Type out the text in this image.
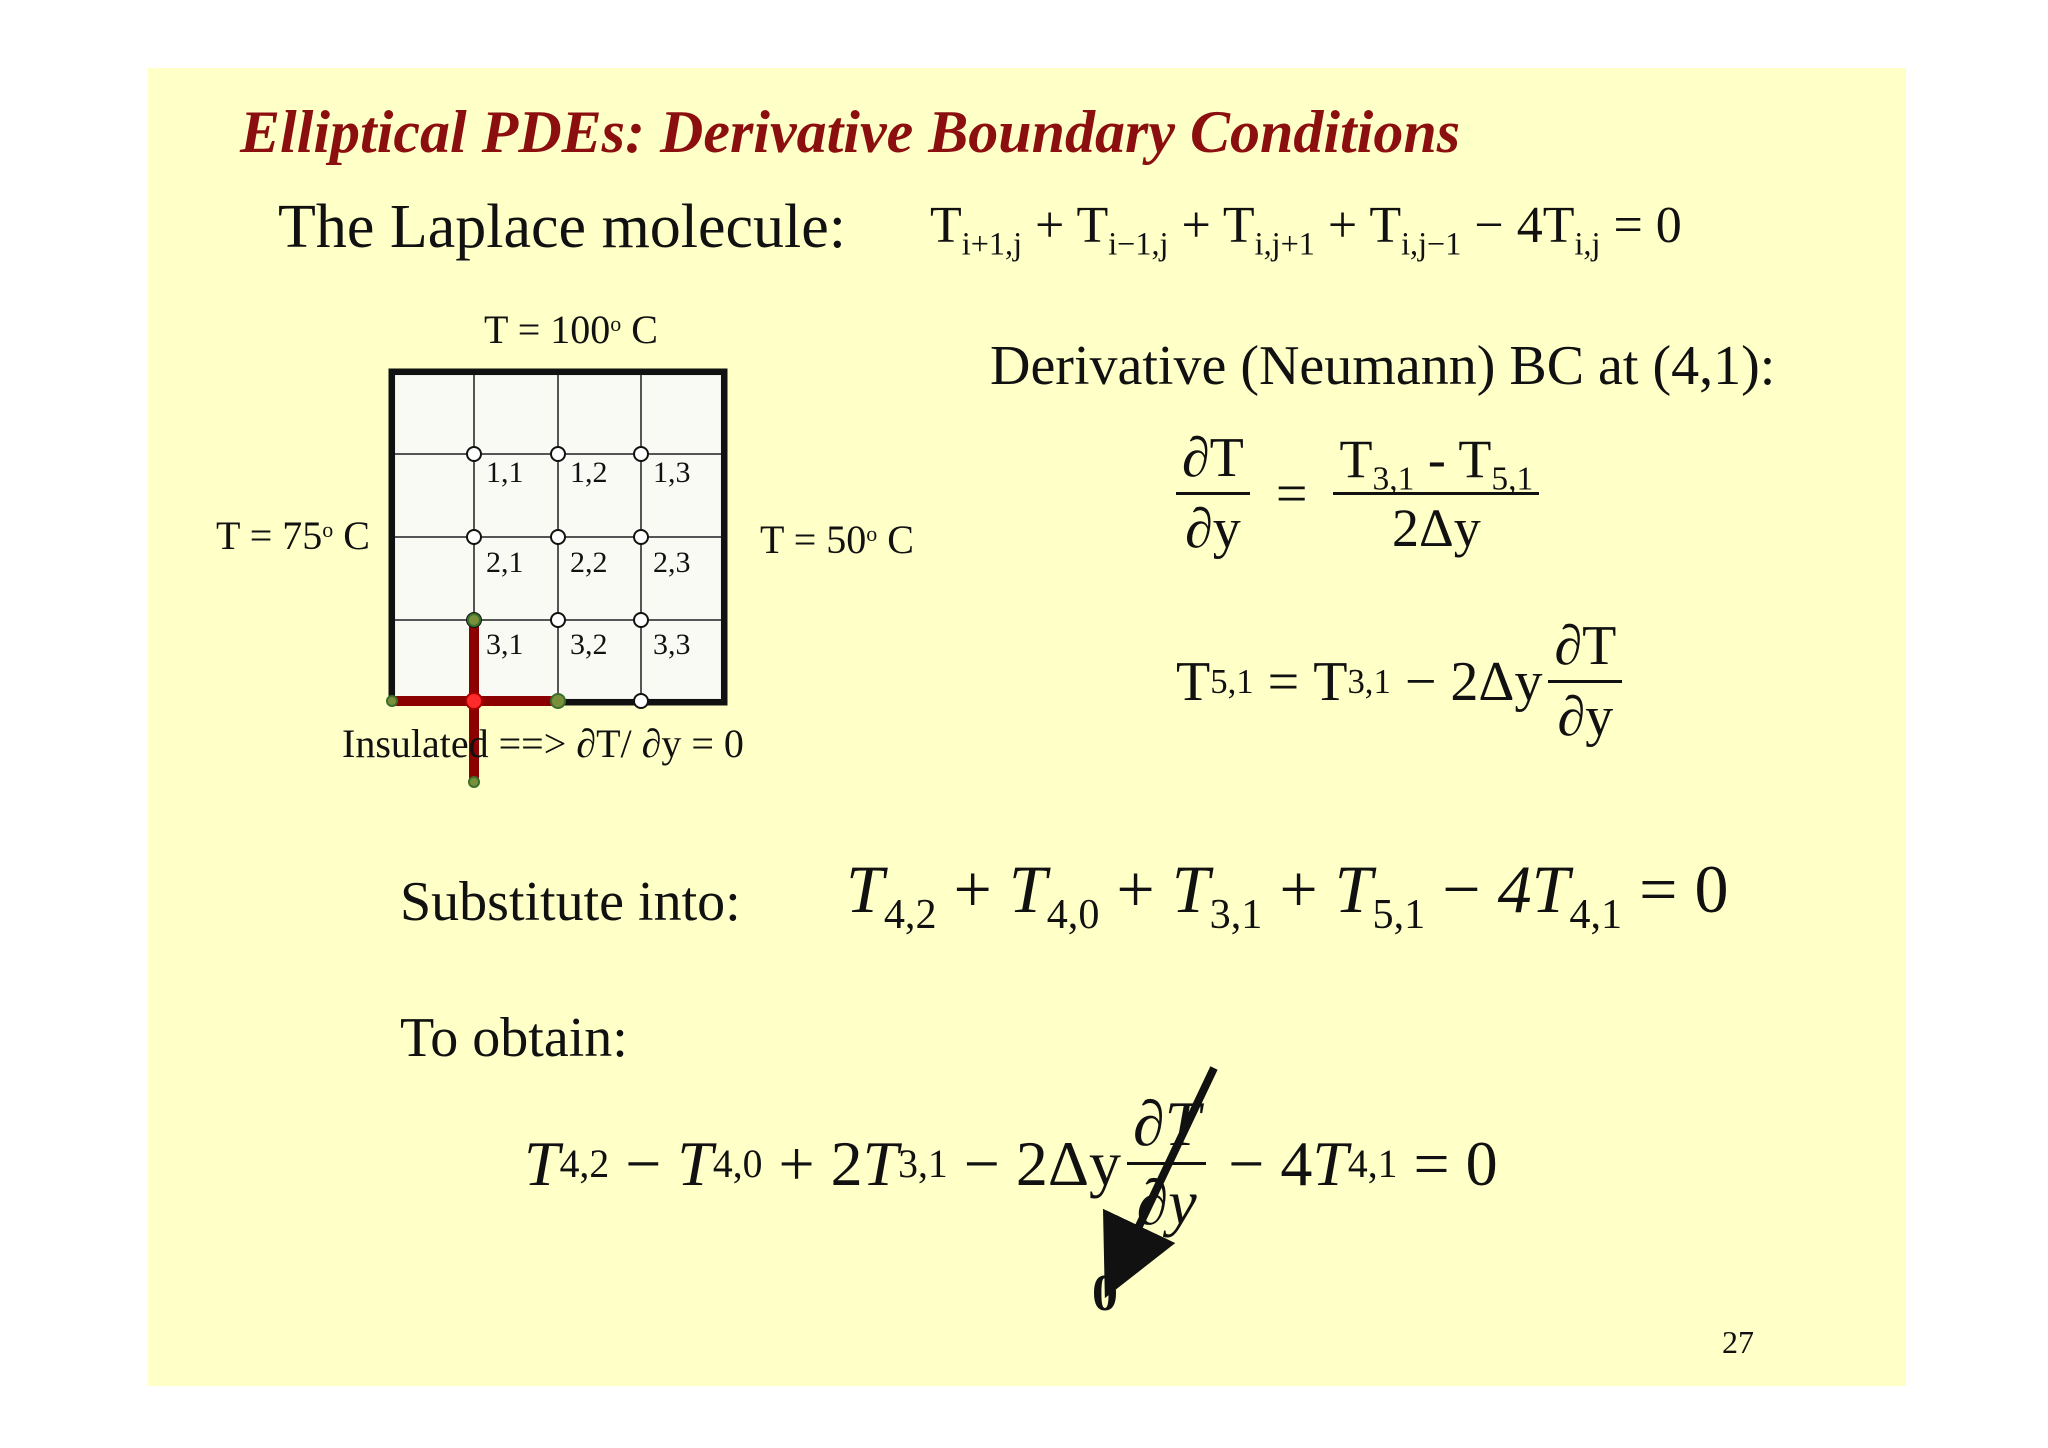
Elliptical PDEs: Derivative Boundary Conditions
The Laplace molecule: $T_{i+1,j} + T_{i-1,j} + T_{i,j+1} + T_{i,j-1} - 4T_{i,j} = 0$
1,1 1,2 1,3
2,1 2,2 2,3
3,1 3,2 3,3
$T = 100^o$ C
$T = 75^o$ C	$T = 50^o$ C
Insulated ==> ∂T/ ∂y = 0
Derivative (Neumann) BC at (4,1):
$\frac{\partial T}{\partial y} = \frac{T_{3,1} - T_{5,1}}{2\Delta y}$
T 5,1 = T $3,1 - 2\Delta y \frac{\partial T}{\partial y}$
Substitute into: $T_{4,2} + T_{4,0} + T_{3,1} + T_{5,1} - 4T_{4,1} = 0$
To obtain:
T 4,2 − T 4,0 + 2 T $3,1 - 2\Delta y \frac{\partial T}{\partial y} - 4$ T 4,1 = 0
0
27
